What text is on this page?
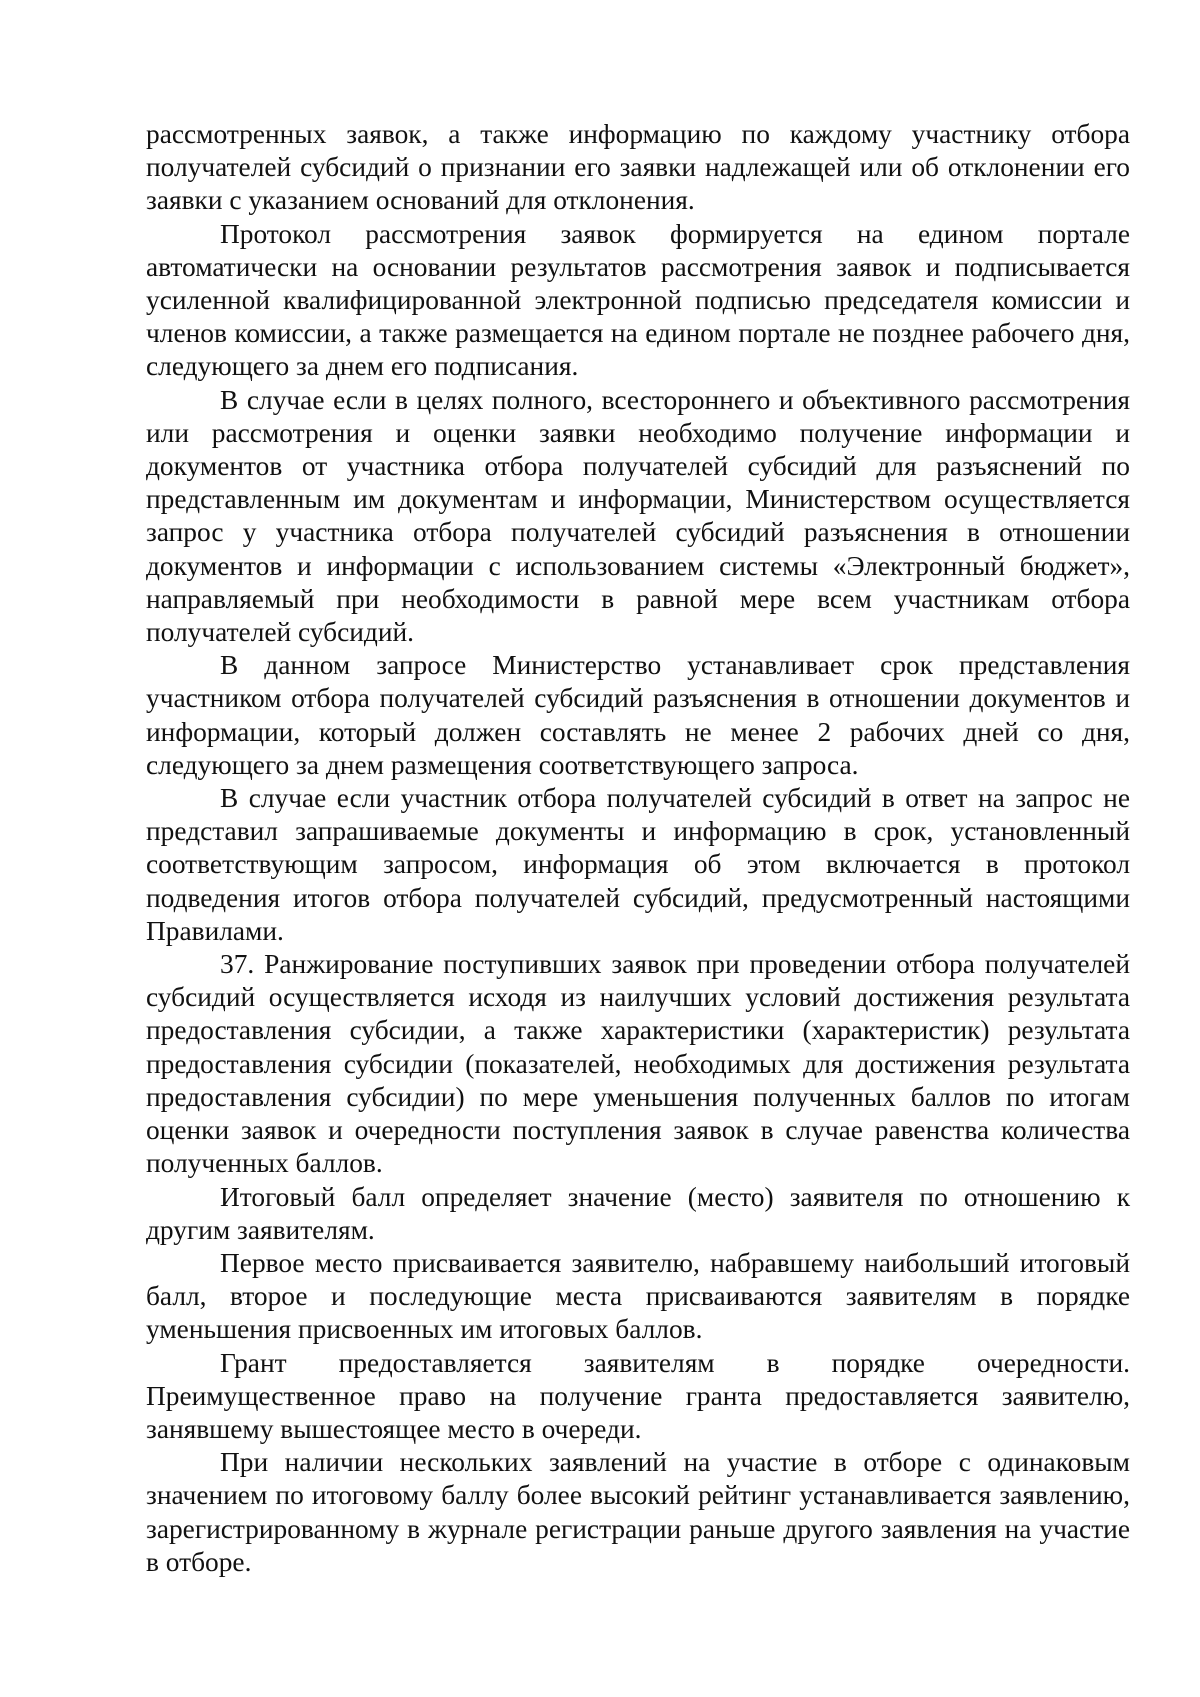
рассмотренных заявок, а также информацию по каждому участнику отбора получателей субсидий о признании его заявки надлежащей или об отклонении его заявки с указанием оснований для отклонения.

Протокол рассмотрения заявок формируется на едином портале автоматически на основании результатов рассмотрения заявок и подписывается усиленной квалифицированной электронной подписью председателя комиссии и членов комиссии, а также размещается на едином портале не позднее рабочего дня, следующего за днем его подписания.

В случае если в целях полного, всестороннего и объективного рассмотрения или рассмотрения и оценки заявки необходимо получение информации и документов от участника отбора получателей субсидий для разъяснений по представленным им документам и информации, Министерством осуществляется запрос у участника отбора получателей субсидий разъяснения в отношении документов и информации с использованием системы «Электронный бюджет», направляемый при необходимости в равной мере всем участникам отбора получателей субсидий.

В данном запросе Министерство устанавливает срок представления участником отбора получателей субсидий разъяснения в отношении документов и информации, который должен составлять не менее 2 рабочих дней со дня, следующего за днем размещения соответствующего запроса.

В случае если участник отбора получателей субсидий в ответ на запрос не представил запрашиваемые документы и информацию в срок, установленный соответствующим запросом, информация об этом включается в протокол подведения итогов отбора получателей субсидий, предусмотренный настоящими Правилами.

37. Ранжирование поступивших заявок при проведении отбора получателей субсидий осуществляется исходя из наилучших условий достижения результата предоставления субсидии, а также характеристики (характеристик) результата предоставления субсидии (показателей, необходимых для достижения результата предоставления субсидии) по мере уменьшения полученных баллов по итогам оценки заявок и очередности поступления заявок в случае равенства количества полученных баллов.

Итоговый балл определяет значение (место) заявителя по отношению к другим заявителям.

Первое место присваивается заявителю, набравшему наибольший итоговый балл, второе и последующие места присваиваются заявителям в порядке уменьшения присвоенных им итоговых баллов.

Грант предоставляется заявителям в порядке очередности. Преимущественное право на получение гранта предоставляется заявителю, занявшему вышестоящее место в очереди.

При наличии нескольких заявлений на участие в отборе с одинаковым значением по итоговому баллу более высокий рейтинг устанавливается заявлению, зарегистрированному в журнале регистрации раньше другого заявления на участие в отборе.
